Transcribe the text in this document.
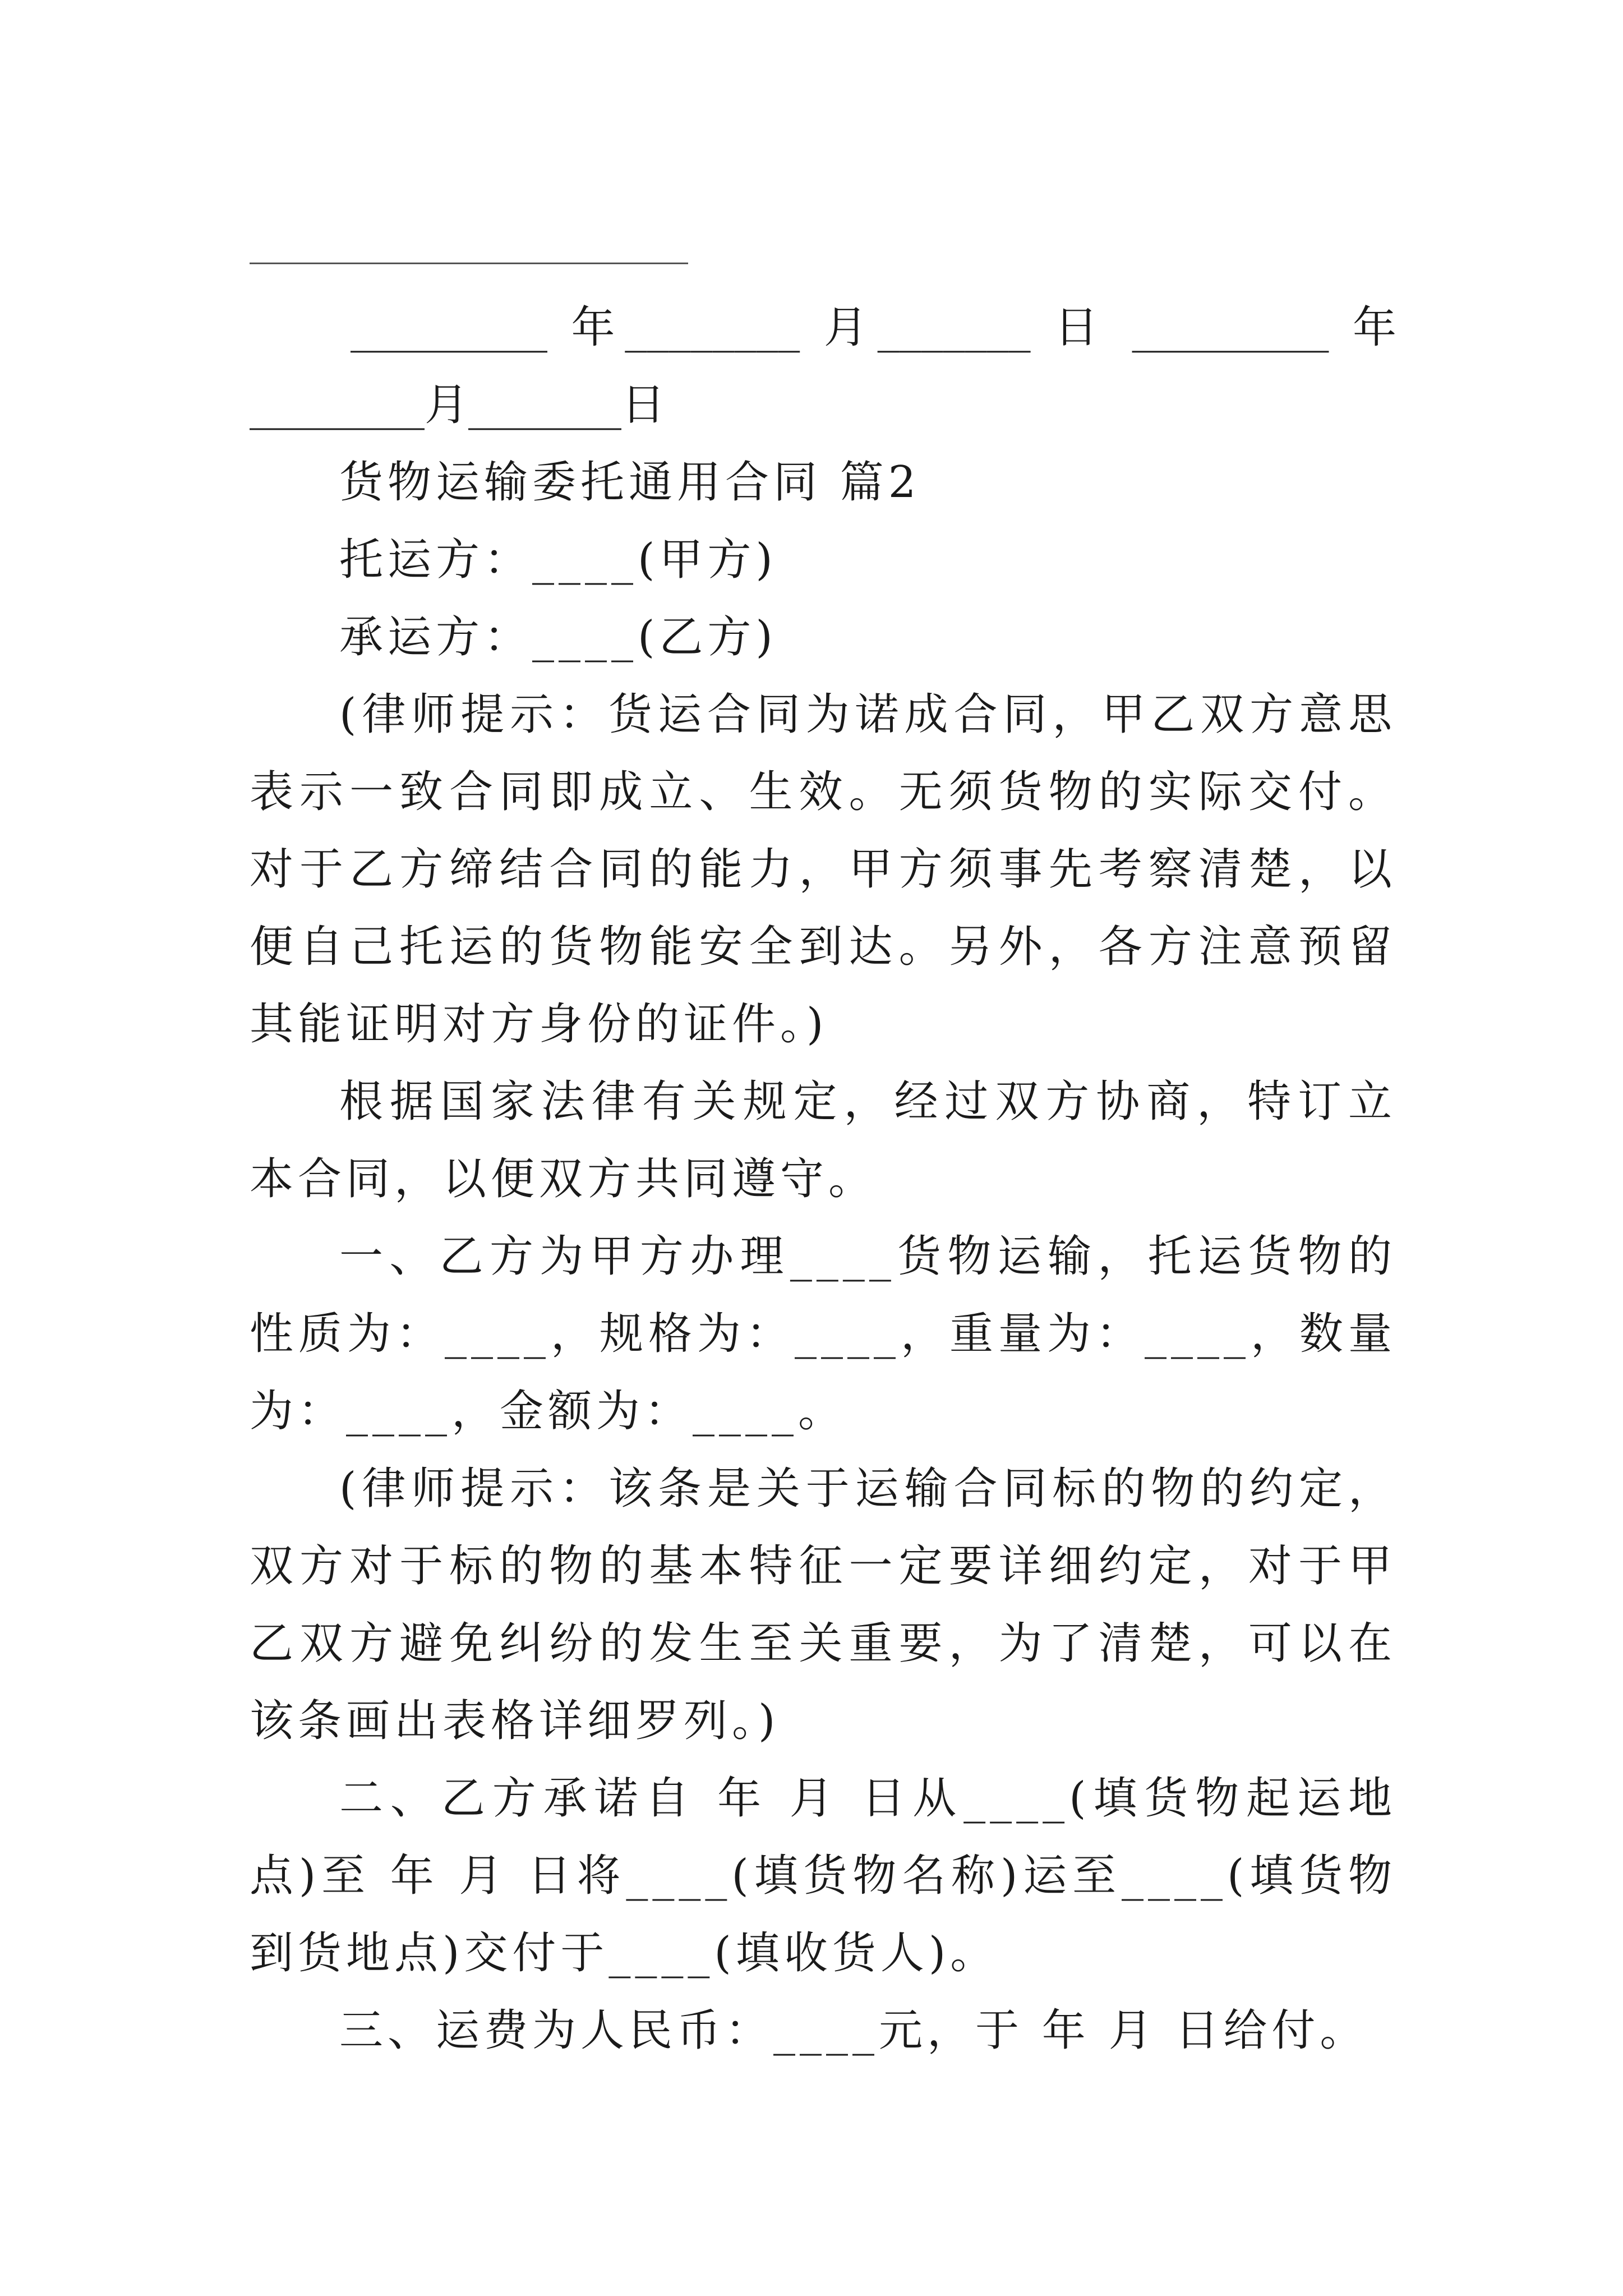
_________ 年________ 月_______ 日 _________ 年

________月_______日

货物运输委托通用合同 篇2

托运方：____(甲方)

承运方：____(乙方)

(律师提示：货运合同为诺成合同，甲乙双方意思表示一致合同即成立、生效。无须货物的实际交付。对于乙方缔结合同的能力，甲方须事先考察清楚，以便自己托运的货物能安全到达。另外，各方注意预留其能证明对方身份的证件。)

根据国家法律有关规定，经过双方协商，特订立本合同，以便双方共同遵守。

一、乙方为甲方办理____货物运输，托运货物的性质为：____，规格为：____，重量为：____，数量为：____，金额为：____。

(律师提示：该条是关于运输合同标的物的约定，双方对于标的物的基本特征一定要详细约定，对于甲乙双方避免纠纷的发生至关重要，为了清楚，可以在该条画出表格详细罗列。)

二、乙方承诺自 年 月 日从____(填货物起运地点)至 年 月 日将____(填货物名称)运至____(填货物到货地点)交付于____(填收货人)。

三、运费为人民币：____元，于 年 月 日给付。
